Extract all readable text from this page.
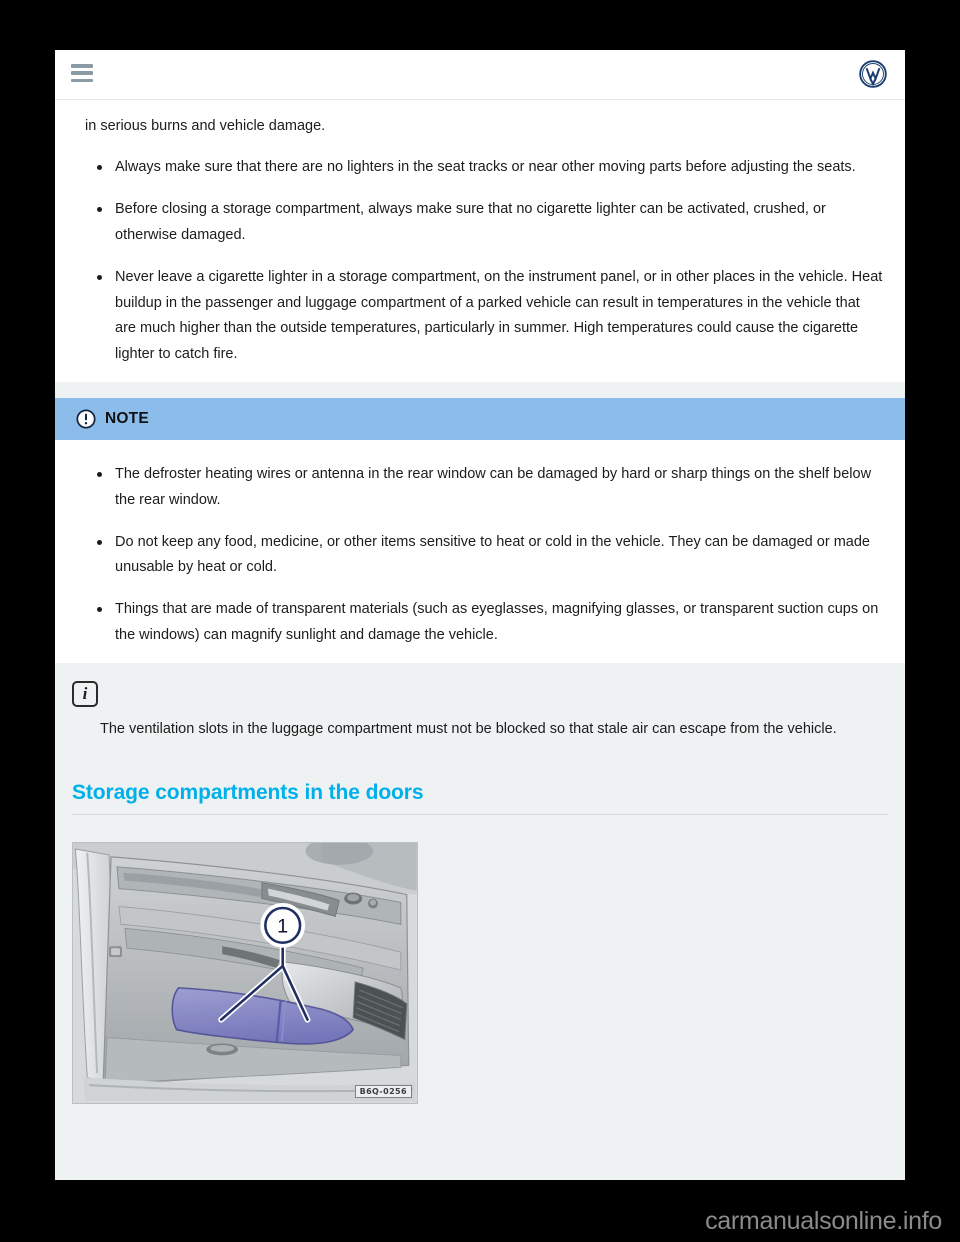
in serious burns and vehicle damage.
Always make sure that there are no lighters in the seat tracks or near other moving parts before adjusting the seats.
Before closing a storage compartment, always make sure that no cigarette lighter can be activated, crushed, or otherwise damaged.
Never leave a cigarette lighter in a storage compartment, on the instrument panel, or in other places in the vehicle. Heat buildup in the passenger and luggage compartment of a parked vehicle can result in temperatures in the vehicle that are much higher than the outside temperatures, particularly in summer. High temperatures could cause the cigarette lighter to catch fire.
NOTE
The defroster heating wires or antenna in the rear window can be damaged by hard or sharp things on the shelf below the rear window.
Do not keep any food, medicine, or other items sensitive to heat or cold in the vehicle. They can be damaged or made unusable by heat or cold.
Things that are made of transparent materials (such as eyeglasses, magnifying glasses, or transparent suction cups on the windows) can magnify sunlight and damage the vehicle.
i
The ventilation slots in the luggage compartment must not be blocked so that stale air can escape from the vehicle.
Storage compartments in the doors
1
B6Q-0256
carmanualsonline.info
